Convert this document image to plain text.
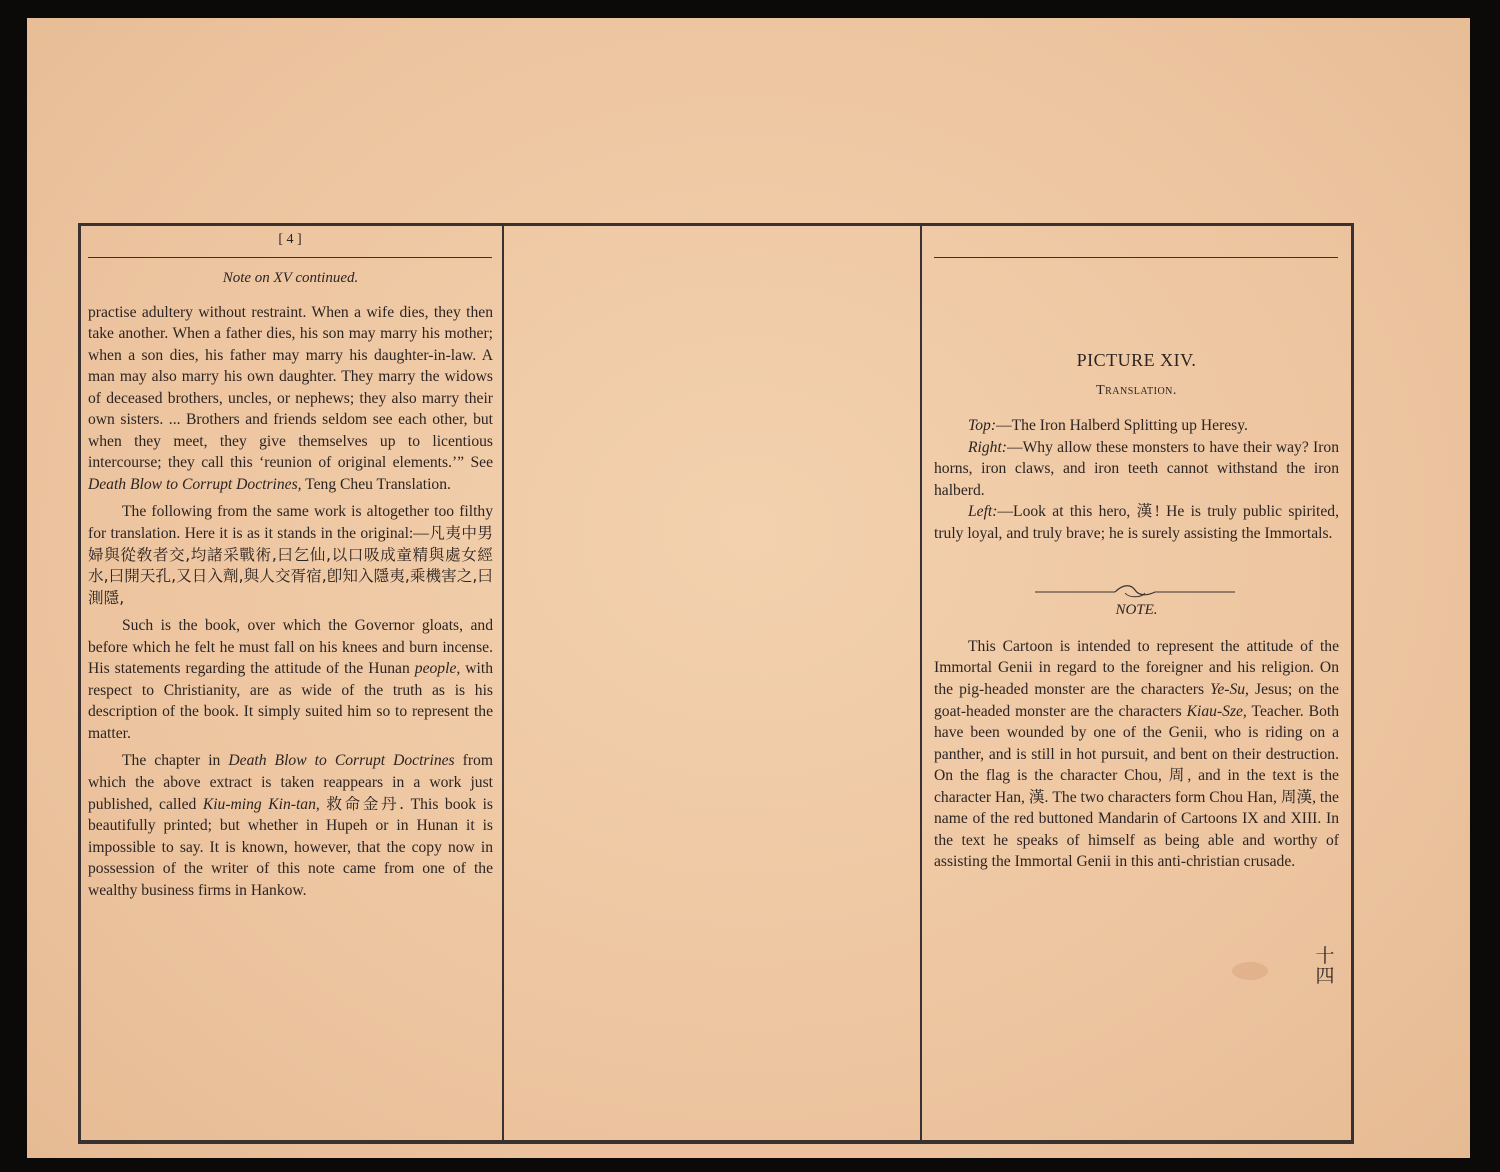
[ 4 ]

Note on XV continued.

practise adultery without restraint. When a wife dies, they then take another. When a father dies, his son may marry his mother; when a son dies, his father may marry his daughter-in-law. A man may also marry his own daughter. They marry the widows of deceased brothers, uncles, or nephews; they also marry their own sisters. ... Brothers and friends seldom see each other, but when they meet, they give themselves up to licentious intercourse; they call this ‘reunion of original elements.’” See Death Blow to Corrupt Doctrines, Teng Cheu Translation.

The following from the same work is altogether too filthy for translation. Here it is as it stands in the original:—凡夷中男婦與從敎者交,均諸采戰術,曰乞仙,以口吸成童精與處女經水,曰開天孔,又日入劑,與人交胥宿,卽知入隱夷,乘機害之,曰測隱,

Such is the book, over which the Governor gloats, and before which he felt he must fall on his knees and burn incense. His statements regarding the attitude of the Hunan people, with respect to Christianity, are as wide of the truth as is his description of the book. It simply suited him so to represent the matter.

The chapter in Death Blow to Corrupt Doctrines from which the above extract is taken reappears in a work just published, called Kiu-ming Kin-tan, 救命金丹. This book is beautifully printed; but whether in Hupeh or in Hunan it is impossible to say. It is known, however, that the copy now in possession of the writer of this note came from one of the wealthy business firms in Hankow.

PICTURE XIV.

Translation.

Top:—The Iron Halberd Splitting up Heresy.

Right:—Why allow these monsters to have their way? Iron horns, iron claws, and iron teeth cannot withstand the iron halberd.

Left:—Look at this hero, 漢! He is truly public spirited, truly loyal, and truly brave; he is surely assisting the Immortals.

NOTE.

This Cartoon is intended to represent the attitude of the Immortal Genii in regard to the foreigner and his religion. On the pig-headed monster are the characters Ye-Su, Jesus; on the goat-headed monster are the characters Kiau-Sze, Teacher. Both have been wounded by one of the Genii, who is riding on a panther, and is still in hot pursuit, and bent on their destruction. On the flag is the character Chou, 周, and in the text is the character Han, 漢. The two characters form Chou Han, 周漢, the name of the red buttoned Mandarin of Cartoons IX and XIII. In the text he speaks of himself as being able and worthy of assisting the Immortal Genii in this anti-christian crusade.

十
四
